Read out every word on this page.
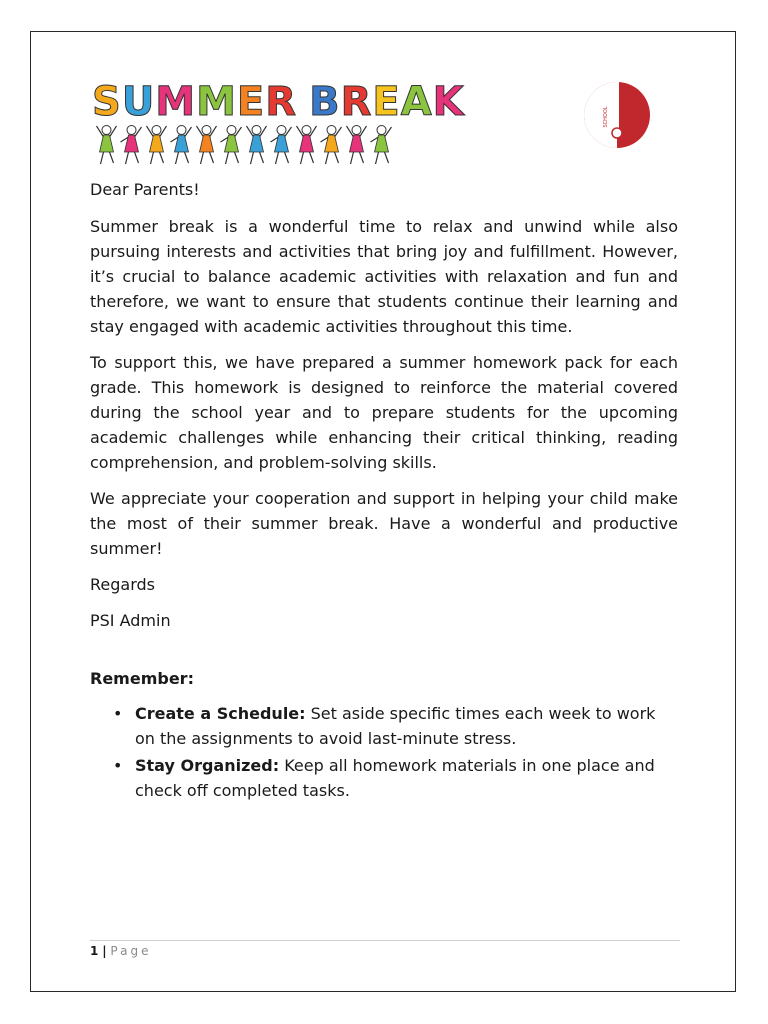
S U M M E R B R E A K	SCHOOL

Dear Parents!

Summer break is a wonderful time to relax and unwind while also pursuing interests and activities that bring joy and fulfillment. However, it’s crucial to balance academic activities with relaxation and fun and therefore, we want to ensure that students continue their learning and stay engaged with academic activities throughout this time.

To support this, we have prepared a summer homework pack for each grade. This homework is designed to reinforce the material covered during the school year and to prepare students for the upcoming academic challenges while enhancing their critical thinking, reading comprehension, and problem-solving skills.

We appreciate your cooperation and support in helping your child make the most of their summer break. Have a wonderful and productive summer!

Regards

PSI Admin

Remember:

• Create a Schedule: Set aside specific times each week to work on the assignments to avoid last-minute stress.
• Stay Organized: Keep all homework materials in one place and check off completed tasks.
1 | Page
